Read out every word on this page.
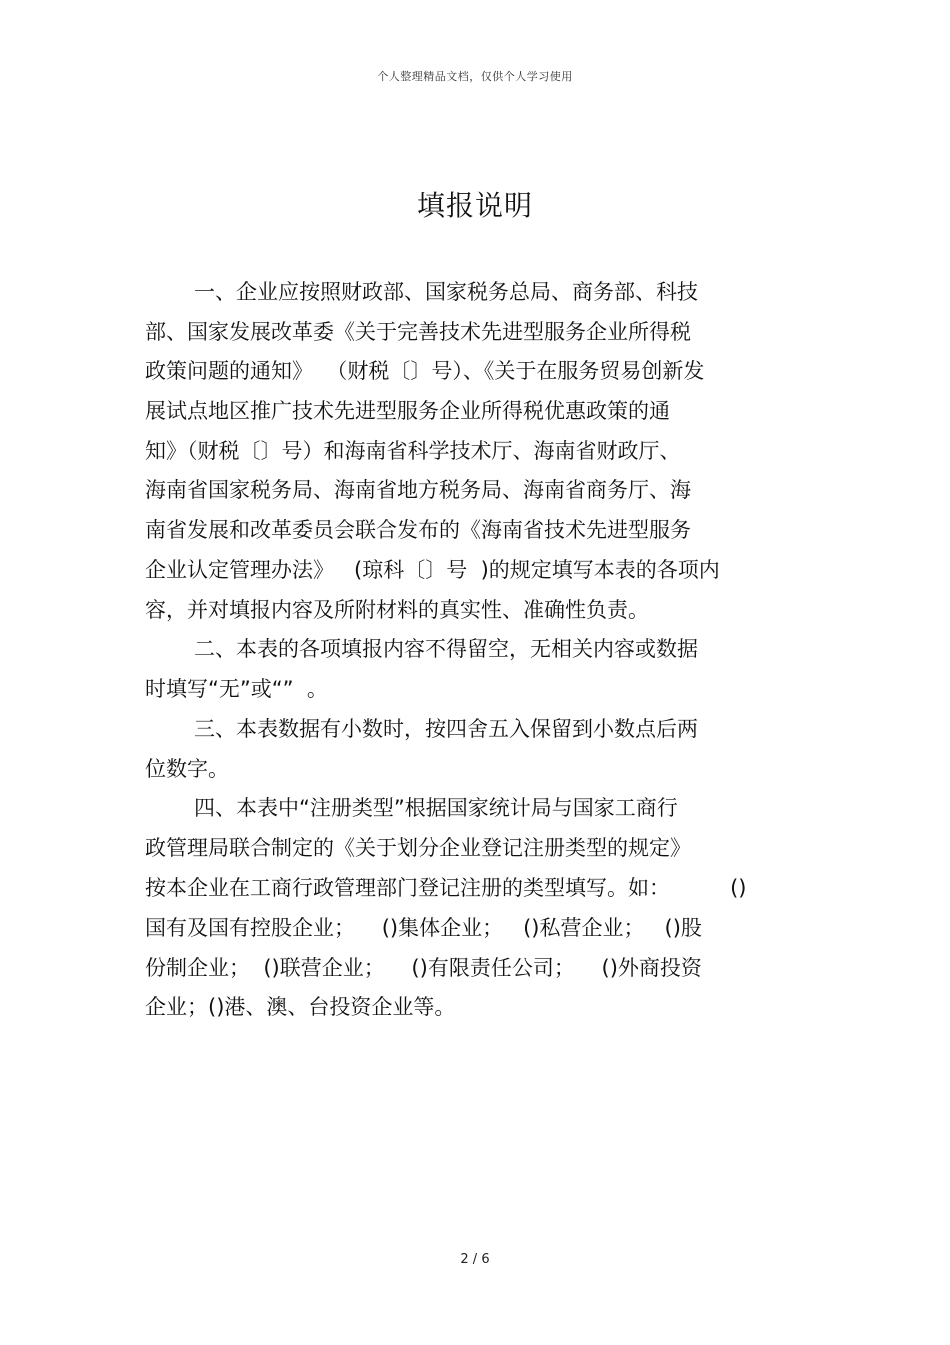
个人整理精品文档，仅供个人学习使用
填报说明
一、企业应按照财政部、国家税务总局、商务部、科技
部、国家发展改革委《关于完善技术先进型服务企业所得税
政策问题的通知》  （财税〔〕号）、《关于在服务贸易创新发
展试点地区推广技术先进型服务企业所得税优惠政策的通
知》（财税〔〕号）和海南省科学技术厅、海南省财政厅、
海南省国家税务局、海南省地方税务局、海南省商务厅、海
南省发展和改革委员会联合发布的《海南省技术先进型服务
企业认定管理办法》   (琼科〔〕号  )的规定填写本表的各项内
容，并对填报内容及所附材料的真实性、准确性负责。
二、本表的各项填报内容不得留空，无相关内容或数据
时填写“无”或“”  。
三、本表数据有小数时，按四舍五入保留到小数点后两
位数字。
四、本表中“注册类型”根据国家统计局与国家工商行
政管理局联合制定的《关于划分企业登记注册类型的规定》
按本企业在工商行政管理部门登记注册的类型填写。如：         ()
国有及国有控股企业；    ()集体企业；   ()私营企业；   ()股
份制企业；  ()联营企业；    ()有限责任公司；    ()外商投资
企业；()港、澳、台投资企业等。
2 / 6
